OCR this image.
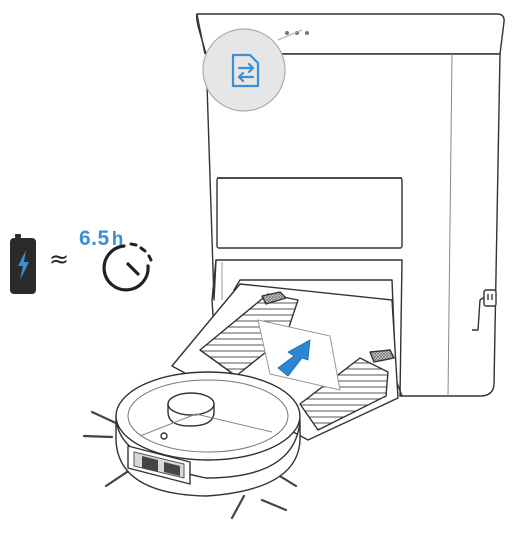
≈
6.5 h
